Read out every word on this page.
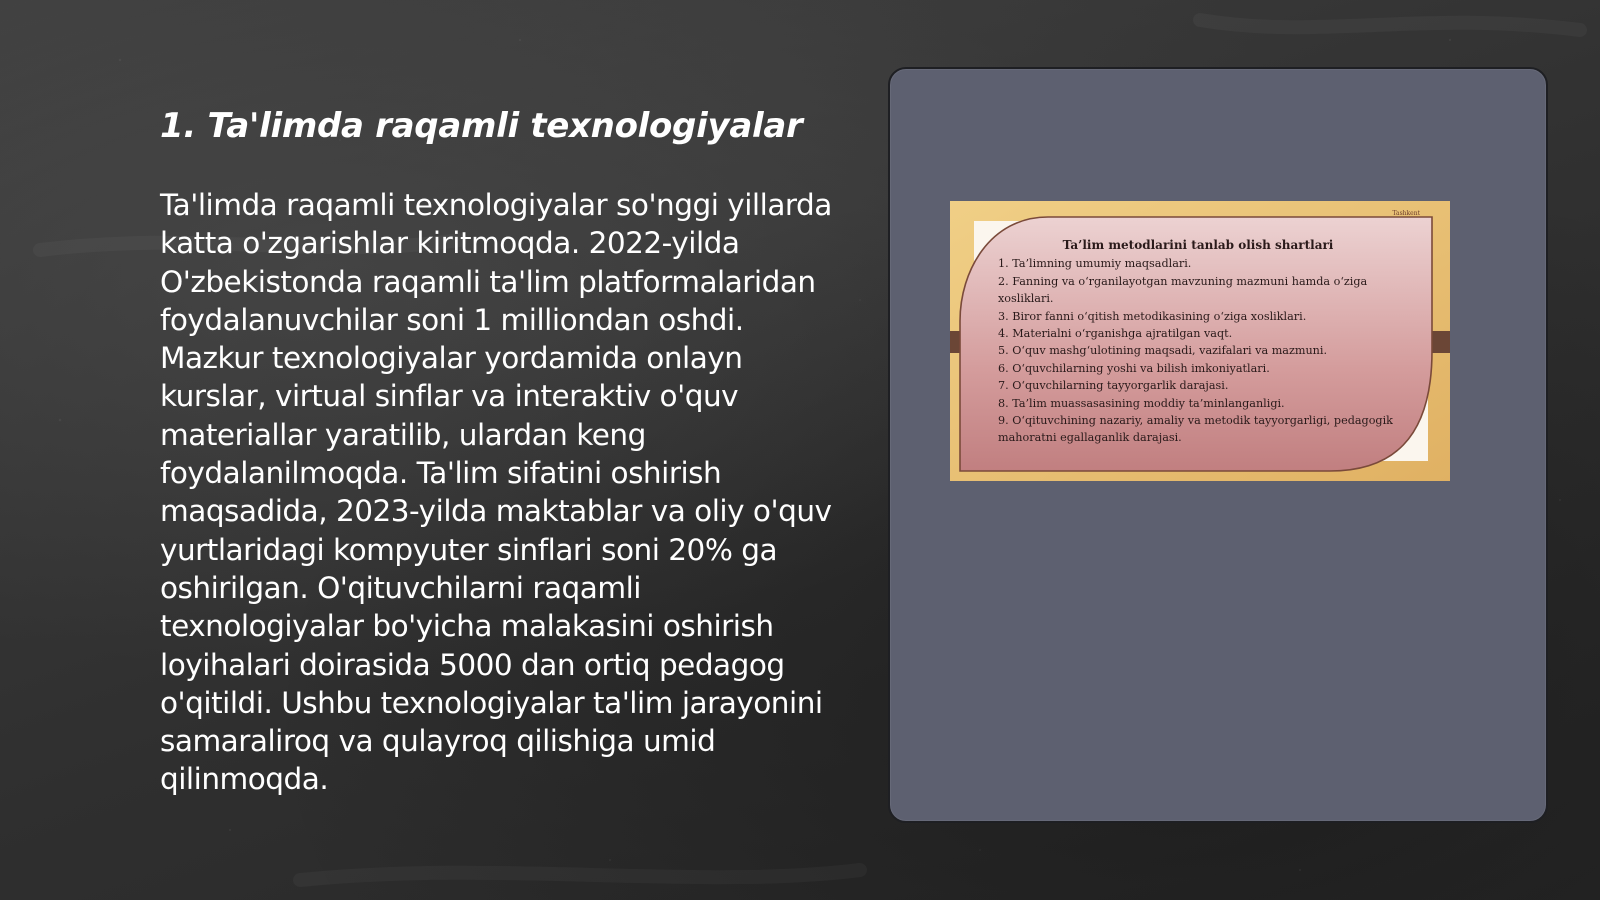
1. Ta'limda raqamli texnologiyalar

Ta'limda raqamli texnologiyalar so'nggi yillarda katta o'zgarishlar kiritmoqda. 2022-yilda O'zbekistonda raqamli ta'lim platformalaridan foydalanuvchilar soni 1 milliondan oshdi. Mazkur texnologiyalar yordamida onlayn kurslar, virtual sinflar va interaktiv o'quv materiallar yaratilib, ulardan keng foydalanilmoqda. Ta'lim sifatini oshirish maqsadida, 2023-yilda maktablar va oliy o'quv yurtlaridagi kompyuter sinflari soni 20% ga oshirilgan. O'qituvchilarni raqamli texnologiyalar bo'yicha malakasini oshirish loyihalari doirasida 5000 dan ortiq pedagog o'qitildi. Ushbu texnologiyalar ta'lim jarayonini samaraliroq va qulayroq qilishiga umid qilinmoqda.

Tashkent
Ta’lim metodlarini tanlab olish shartlari
1. Ta’limning umumiy maqsadlari.
2. Fanning va o‘rganilayotgan mavzuning mazmuni hamda o‘ziga xosliklari.
3. Biror fanni o‘qitish metodikasining o‘ziga xosliklari.
4. Materialni o‘rganishga ajratilgan vaqt.
5. O‘quv mashg‘ulotining maqsadi, vazifalari va mazmuni.
6. O‘quvchilarning yoshi va bilish imkoniyatlari.
7. O‘quvchilarning tayyorgarlik darajasi.
8. Ta’lim muassasasining moddiy ta’minlanganligi.
9. O‘qituvchining nazariy, amaliy va metodik tayyorgarligi, pedagogik mahoratni egallaganlik darajasi.
